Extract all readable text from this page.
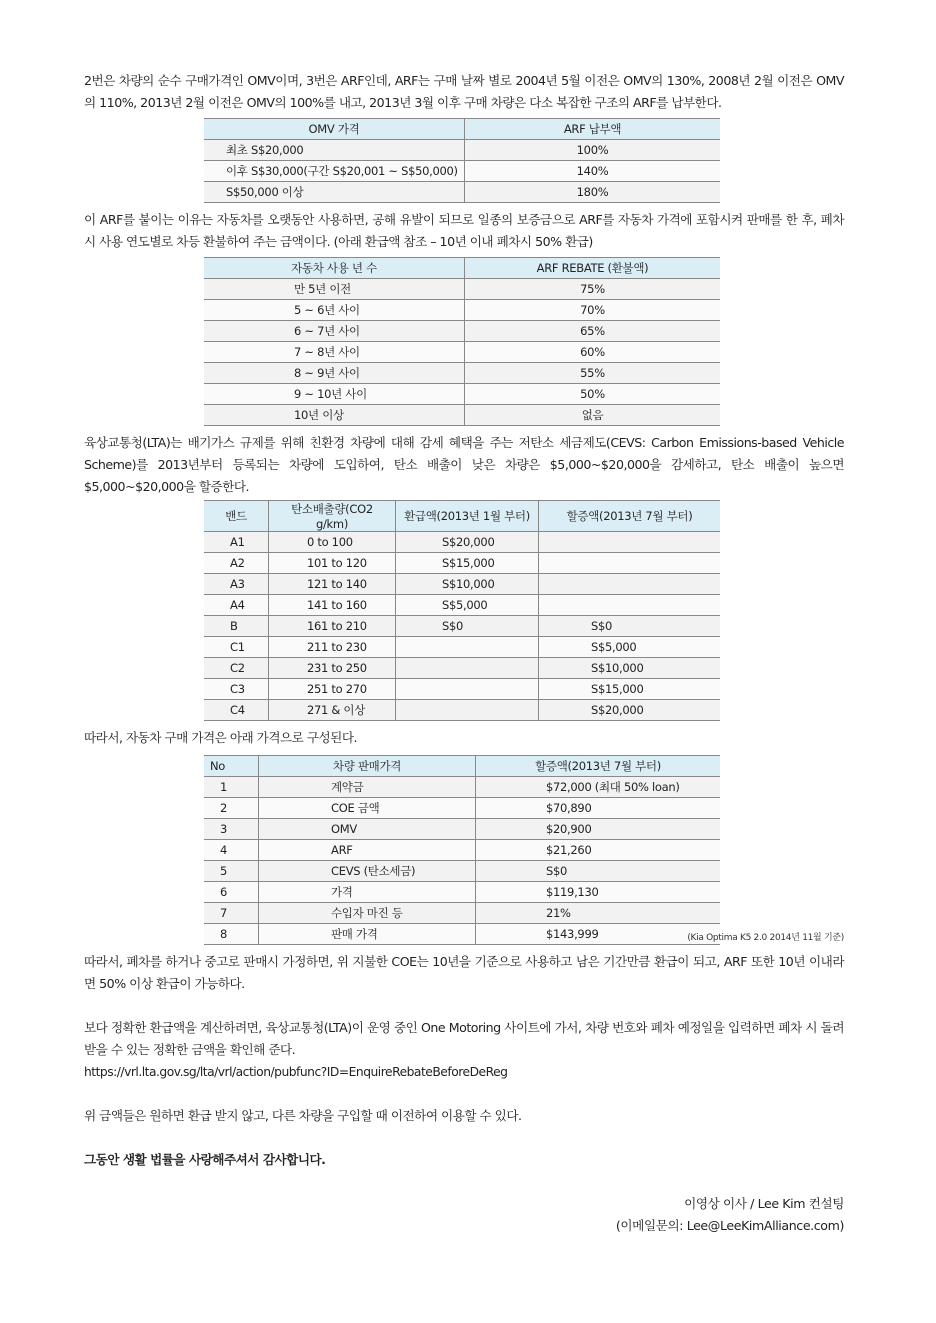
2번은 차량의 순수 구매가격인 OMV이며, 3번은 ARF인데, ARF는 구매 날짜 별로 2004년 5월 이전은 OMV의 130%, 2008년 2월 이전은 OMV의 110%, 2013년 2월 이전은 OMV의 100%를 내고, 2013년 3월 이후 구매 차량은 다소 복잡한 구조의 ARF를 납부한다.

OMV 가격	ARF 납부액
최초 S$20,000	100%
이후 S$30,000(구간 S$20,001 ~ S$50,000)	140%
S$50,000 이상	180%

이 ARF를 붙이는 이유는 자동차를 오랫동안 사용하면, 공해 유발이 되므로 일종의 보증금으로 ARF를 자동차 가격에 포함시켜 판매를 한 후, 폐차시 사용 연도별로 차등 환불하여 주는 금액이다. (아래 환급액 참조 – 10년 이내 폐차시 50% 환급)

자동차 사용 년 수	ARF REBATE (환불액)
만 5년 이전	75%
5 ~ 6년 사이	70%
6 ~ 7년 사이	65%
7 ~ 8년 사이	60%
8 ~ 9년 사이	55%
9 ~ 10년 사이	50%
10년 이상	없음

육상교통청(LTA)는 배기가스 규제를 위해 친환경 차량에 대해 감세 혜택을 주는 저탄소 세금제도(CEVS: Carbon Emissions-based Vehicle Scheme)를 2013년부터 등록되는 차량에 도입하여, 탄소 배출이 낮은 차량은 $5,000~$20,000을 감세하고, 탄소 배출이 높으면 $5,000~$20,000을 할증한다.

밴드	탄소배출량(CO2 g/km)	환급액(2013년 1월 부터)	할증액(2013년 7월 부터)
A1	0 to 100	S$20,000	
A2	101 to 120	S$15,000	
A3	121 to 140	S$10,000	
A4	141 to 160	S$5,000	
B	161 to 210	S$0	S$0
C1	211 to 230		S$5,000
C2	231 to 250		S$10,000
C3	251 to 270		S$15,000
C4	271 & 이상		S$20,000

따라서, 자동차 구매 가격은 아래 가격으로 구성된다.

No	차량 판매가격	할증액(2013년 7월 부터)
1	계약금	$72,000 (최대 50% loan)
2	COE 금액	$70,890
3	OMV	$20,900
4	ARF	$21,260
5	CEVS (탄소세금)	S$0
6	가격	$119,130
7	수입자 마진 등	21%
8	판매 가격	$143,999	(Kia Optima K5 2.0 2014년 11월 기준)

따라서, 폐차를 하거나 중고로 판매시 가정하면, 위 지불한 COE는 10년을 기준으로 사용하고 남은 기간만큼 환급이 되고, ARF 또한 10년 이내라면 50% 이상 환급이 가능하다.

보다 정확한 환급액을 계산하려면, 육상교통청(LTA)이 운영 중인 One Motoring 사이트에 가서, 차량 번호와 폐차 예정일을 입력하면 폐차 시 돌려받을 수 있는 정확한 금액을 확인해 준다.

https://vrl.lta.gov.sg/lta/vrl/action/pubfunc?ID=EnquireRebateBeforeDeReg

위 금액들은 원하면 환급 받지 않고, 다른 차량을 구입할 때 이전하여 이용할 수 있다.

그동안 생활 법률을 사랑해주셔서 감사합니다.

이영상 이사 / Lee Kim 컨설팅

(이메일문의: Lee@LeeKimAlliance.com)
